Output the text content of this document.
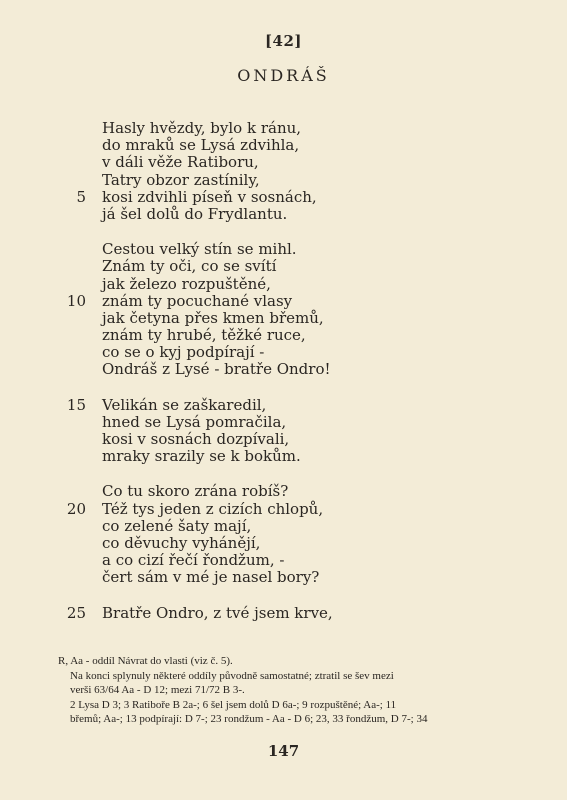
[42]
ONDRÁŠ
Hasly hvězdy, bylo k ránu,
do mraků se Lysá zdvihla,
v dáli věže Ratiboru,
Tatry obzor zastínily,
5 kosi zdvihli píseň v sosnách,
já šel dolů do Frydlantu.
Cestou velký stín se mihl.
Znám ty oči, co se svítí
jak železo rozpuštěné,
10 znám ty pocuchané vlasy
jak četyna přes kmen břemů,
znám ty hrubé, těžké ruce,
co se o kyj podpírají -
Ondráš z Lysé - bratře Ondro!
15 Velikán se zaškaredil,
hned se Lysá pomračila,
kosi v sosnách dozpívali,
mraky srazily se k bokům.
Co tu skoro zrána robíš?
20 Též tys jeden z cizích chlopů,
co zelené šaty mají,
co děvuchy vyhánějí,
a co cizí řečí řondžum, -
čert sám v mé je nasel bory?
25 Bratře Ondro, z tvé jsem krve,

R, Aa - oddíl Návrat do vlasti (viz č. 5).

Na konci splynuly některé oddíly původně samostatné; ztratil se šev mezi

verši 63/64 Aa - D 12; mezi 71/72 B 3-.

2 Lysa D 3; 3 Ratiboře B 2a-; 6 šel jsem dolů D 6a-; 9 rozpuštěné; Aa-; 11

břemů; Aa-; 13 podpírají: D 7-; 23 rondžum - Aa - D 6; 23, 33 řondžum, D 7-; 34

147
